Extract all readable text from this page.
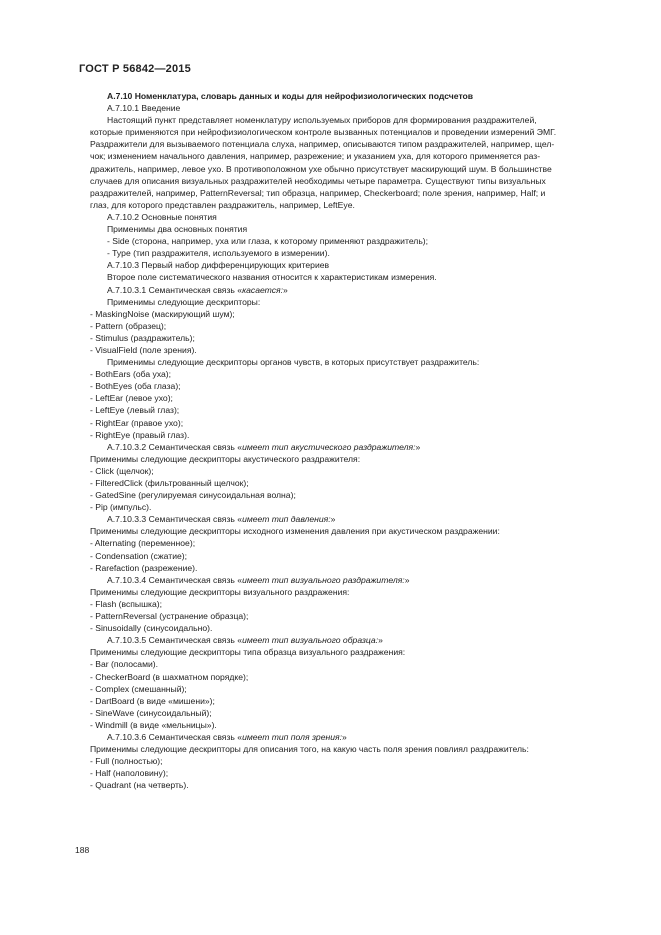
ГОСТ Р 56842—2015
А.7.10 Номенклатура, словарь данных и коды для нейрофизиологических подсчетов
А.7.10.1 Введение
Настоящий пункт представляет номенклатуру используемых приборов для формирования раздражителей,
которые применяются при нейрофизиологическом контроле вызванных потенциалов и проведении измерений ЭМГ.
Раздражители для вызываемого потенциала слуха, например, описываются типом раздражителей, например, щел-
чок; изменением начального давления, например, разрежение; и указанием уха, для которого применяется раз-
дражитель, например, левое ухо. В противоположном ухе обычно присутствует маскирующий шум. В большинстве
случаев для описания визуальных раздражителей необходимы четыре параметра. Существуют типы визуальных
раздражителей, например, PatternReversal; тип образца, например, Checkerboard; поле зрения, например, Half; и
глаз, для которого представлен раздражитель, например, LeftEye.
А.7.10.2 Основные понятия
Применимы два основных понятия
- Side (сторона, например, уха или глаза, к которому применяют раздражитель);
- Type (тип раздражителя, используемого в измерении).
А.7.10.3 Первый набор дифференцирующих критериев
Второе поле систематического названия относится к характеристикам измерения.
А.7.10.3.1 Семантическая связь «касается:»
Применимы следующие дескрипторы:
- MaskingNoise (маскирующий шум);
- Pattern (образец);
- Stimulus (раздражитель);
- VisualField (поле зрения).
Применимы следующие дескрипторы органов чувств, в которых присутствует раздражитель:
- BothEars (оба уха);
- BothEyes (оба глаза);
- LeftEar (левое ухо);
- LeftEye (левый глаз);
- RightEar (правое ухо);
- RightEye (правый глаз).
А.7.10.3.2 Семантическая связь «имеет тип акустического раздражителя:»
Применимы следующие дескрипторы акустического раздражителя:
- Click (щелчок);
- FilteredClick (фильтрованный щелчок);
- GatedSine (регулируемая синусоидальная волна);
- Pip (импульс).
А.7.10.3.3 Семантическая связь «имеет тип давления:»
Применимы следующие дескрипторы исходного изменения давления при акустическом раздражении:
- Alternating (переменное);
- Condensation (сжатие);
- Rarefaction (разрежение).
А.7.10.3.4 Семантическая связь «имеет тип визуального раздражителя:»
Применимы следующие дескрипторы визуального раздражения:
- Flash (вспышка);
- PatternReversal (устранение образца);
- Sinusoidally (синусоидально).
А.7.10.3.5 Семантическая связь «имеет тип визуального образца:»
Применимы следующие дескрипторы типа образца визуального раздражения:
- Bar (полосами).
- CheckerBoard (в шахматном порядке);
- Complex (смешанный);
- DartBoard (в виде «мишени»);
- SineWave (синусоидальный);
- Windmill (в виде «мельницы»).
А.7.10.3.6 Семантическая связь «имеет тип поля зрения:»
Применимы следующие дескрипторы для описания того, на какую часть поля зрения повлиял раздражитель:
- Full (полностью);
- Half (наполовину);
- Quadrant (на четверть).
188
